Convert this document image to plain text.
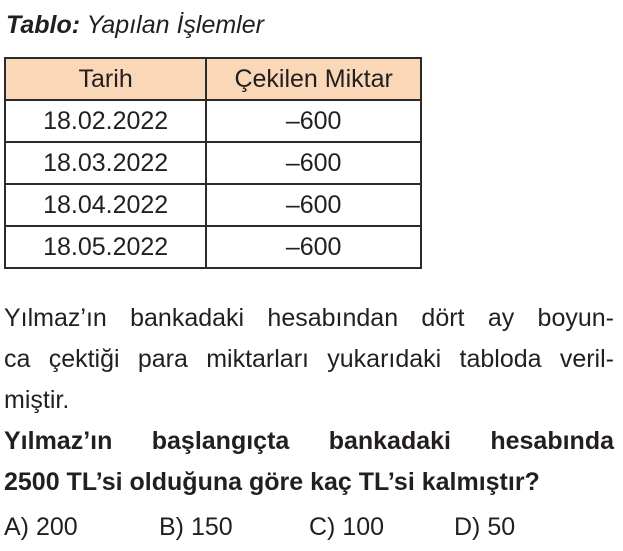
Tablo: Yapılan İşlemler
Tarih	Çekilen Miktar
18.02.2022	–600
18.03.2022	–600
18.04.2022	–600
18.05.2022	–600
Yılmaz’ın bankadaki hesabından dört ay boyun-
ca çektiği para miktarları yukarıdaki tabloda veril-
miştir.
Yılmaz’ın başlangıçta bankadaki hesabında
2500 TL’si olduğuna göre kaç TL’si kalmıştır?
A) 200	B) 150	C) 100	D) 50
